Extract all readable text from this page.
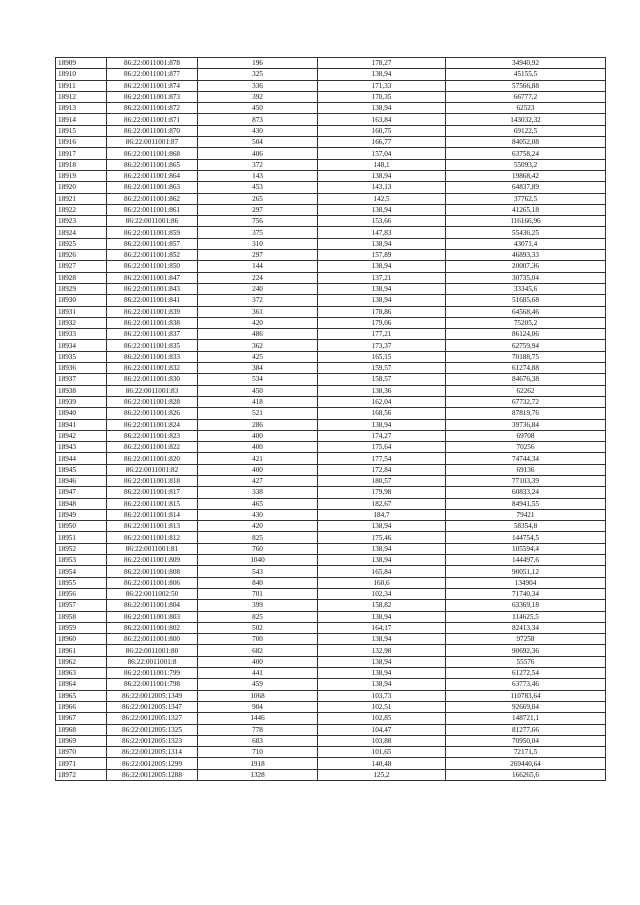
18909	86:22:0011001:878	196	178,27	34940,92
18910	86:22:0011001:877	325	138,94	45155,5
18911	86:22:0011001:874	336	171,33	57566,88
18912	86:22:0011001:873	392	170,35	66777,2
18913	86:22:0011001:872	450	138,94	62523
18914	86:22:0011001:871	873	163,84	143032,32
18915	86:22:0011001:870	430	160,75	69122,5
18916	86:22:0011001:87	504	166,77	84052,08
18917	86:22:0011001:868	406	157,04	63758,24
18918	86:22:0011001:865	372	148,1	55093,2
18919	86:22:0011001:864	143	138,94	19868,42
18920	86:22:0011001:863	453	143,13	64837,89
18921	86:22:0011001:862	265	142,5	37762,5
18922	86:22:0011001:861	297	138,94	41265,18
18923	86:22:0011001:86	756	153,66	116166,96
18924	86:22:0011001:859	375	147,83	55436,25
18925	86:22:0011001:857	310	138,94	43071,4
18926	86:22:0011001:852	297	157,89	46893,33
18927	86:22:0011001:850	144	138,94	20007,36
18928	86:22:0011001:847	224	137,21	30735,04
18929	86:22:0011001:843	240	138,94	33345,6
18930	86:22:0011001:841	372	138,94	51685,68
18931	86:22:0011001:839	361	178,86	64568,46
18932	86:22:0011001:838	420	179,06	75205,2
18933	86:22:0011001:837	486	177,21	86124,06
18934	86:22:0011001:835	362	173,37	62759,94
18935	86:22:0011001:833	425	165,15	70188,75
18936	86:22:0011001:832	384	159,57	61274,88
18937	86:22:0011001:830	534	158,57	84676,38
18938	86:22:0011001:83	450	138,36	62262
18939	86:22:0011001:828	418	162,04	67732,72
18940	86:22:0011001:826	521	168,56	87819,76
18941	86:22:0011001:824	286	138,94	39736,84
18942	86:22:0011001:823	400	174,27	69708
18943	86:22:0011001:822	400	175,64	70256
18944	86:22:0011001:820	421	177,54	74744,34
18945	86:22:0011001:82	400	172,84	69136
18946	86:22:0011001:818	427	180,57	77103,39
18947	86:22:0011001:817	338	179,98	60833,24
18948	86:22:0011001:815	465	182,67	84941,55
18949	86:22:0011001:814	430	184,7	79421
18950	86:22:0011001:813	420	138,94	58354,8
18951	86:22:0011001:812	825	175,46	144754,5
18952	86:22:0011001:81	760	138,94	105594,4
18953	86:22:0011001:809	1040	138,94	144497,6
18954	86:22:0011001:808	543	165,84	90051,12
18955	86:22:0011001:806	840	160,6	134904
18956	86:22:0011002:50	701	102,34	71740,34
18957	86:22:0011001:804	399	158,82	63369,18
18958	86:22:0011001:803	825	138,94	114625,5
18959	86:22:0011001:802	502	164,17	82413,34
18960	86:22:0011001:800	700	138,94	97258
18961	86:22:0011001:80	682	132,98	90692,36
18962	86:22:0011001:8	400	138,94	55576
18963	86:22:0011001:799	441	138,94	61272,54
18964	86:22:0011001:798	459	138,94	63773,46
18965	86:22:0012005:1349	1068	103,73	110783,64
18966	86:22:0012005:1347	904	102,51	92669,04
18967	86:22:0012005:1327	1446	102,85	148721,1
18968	86:22:0012005:1325	778	104,47	81277,66
18969	86:22:0012005:1323	683	103,88	70950,04
18970	86:22:0012005:1314	710	101,65	72171,5
18971	86:22:0012005:1299	1918	140,48	269440,64
18972	86:22:0012005:1288	1328	125,2	166265,6
